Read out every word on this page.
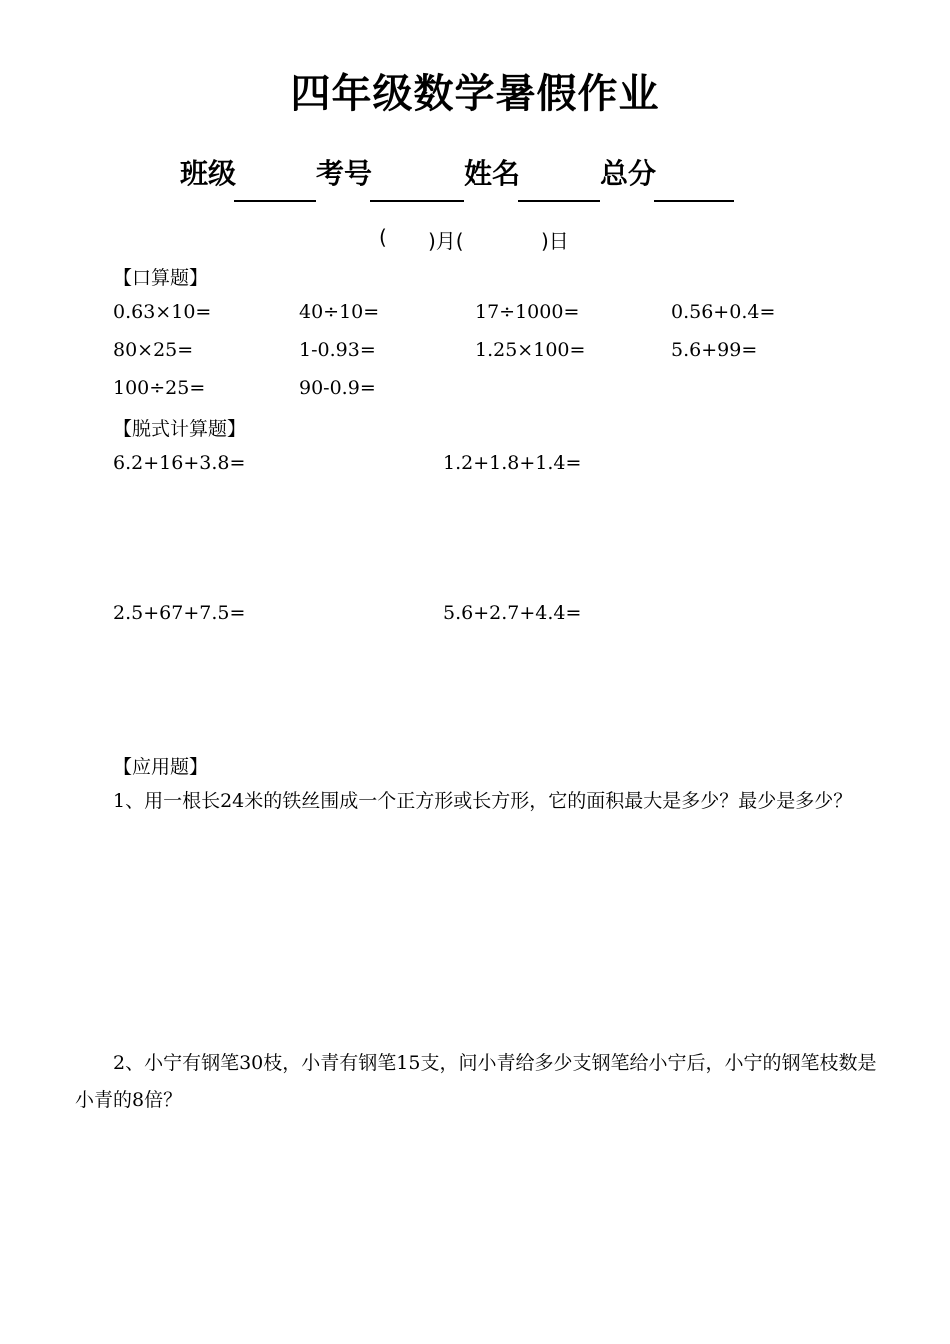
四年级数学暑假作业
班级	考号	姓名	总分
( )月(	)日
【口算题】
0.63×10=	40÷10=	17÷1000=	0.56+0.4=
80×25=	1-0.93=	1.25×100=	5.6+99=
100÷25=	90-0.9=
【脱式计算题】
6.2+16+3.8=	1.2+1.8+1.4=
2.5+67+7.5=	5.6+2.7+4.4=
【应用题】
1、用一根长24米的铁丝围成一个正方形或长方形，它的面积最大是多少？最少是多少？
2、小宁有钢笔30枝，小青有钢笔15支，问小青给多少支钢笔给小宁后，小宁的钢笔枝数是小青的8倍？
